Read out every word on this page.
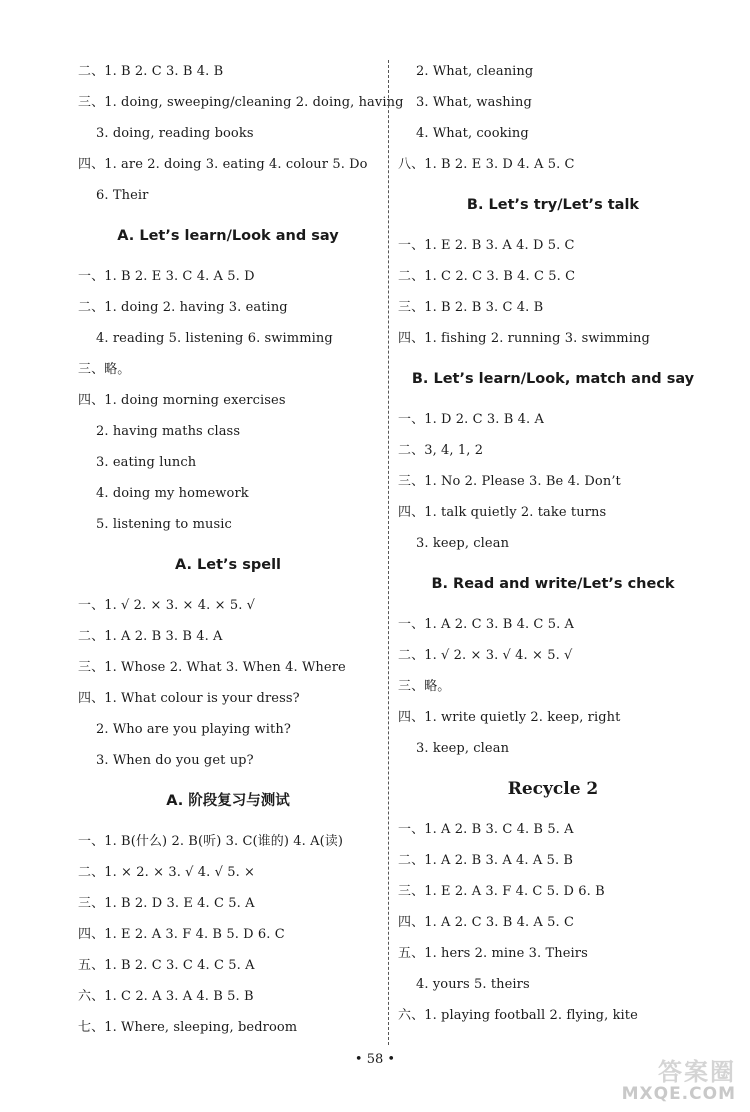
二、1. B 2. C 3. B 4. B
三、1. doing, sweeping/cleaning 2. doing, having
3. doing, reading books
四、1. are 2. doing 3. eating 4. colour 5. Do
6. Their
A. Let’s learn/Look and say
一、1. B 2. E 3. C 4. A 5. D
二、1. doing 2. having 3. eating
4. reading 5. listening 6. swimming
三、略。
四、1. doing morning exercises
2. having maths class
3. eating lunch
4. doing my homework
5. listening to music
A. Let’s spell
一、1. √ 2. × 3. × 4. × 5. √
二、1. A 2. B 3. B 4. A
三、1. Whose 2. What 3. When 4. Where
四、1. What colour is your dress?
2. Who are you playing with?
3. When do you get up?
A. 阶段复习与测试
一、1. B(什么) 2. B(听) 3. C(谁的) 4. A(读)
二、1. × 2. × 3. √ 4. √ 5. ×
三、1. B 2. D 3. E 4. C 5. A
四、1. E 2. A 3. F 4. B 5. D 6. C
五、1. B 2. C 3. C 4. C 5. A
六、1. C 2. A 3. A 4. B 5. B
七、1. Where, sleeping, bedroom
2. What, cleaning
3. What, washing
4. What, cooking
八、1. B 2. E 3. D 4. A 5. C
B. Let’s try/Let’s talk
一、1. E 2. B 3. A 4. D 5. C
二、1. C 2. C 3. B 4. C 5. C
三、1. B 2. B 3. C 4. B
四、1. fishing 2. running 3. swimming
B. Let’s learn/Look, match and say
一、1. D 2. C 3. B 4. A
二、3, 4, 1, 2
三、1. No 2. Please 3. Be 4. Don’t
四、1. talk quietly 2. take turns
3. keep, clean
B. Read and write/Let’s check
一、1. A 2. C 3. B 4. C 5. A
二、1. √ 2. × 3. √ 4. × 5. √
三、略。
四、1. write quietly 2. keep, right
3. keep, clean
Recycle 2
一、1. A 2. B 3. C 4. B 5. A
二、1. A 2. B 3. A 4. A 5. B
三、1. E 2. A 3. F 4. C 5. D 6. B
四、1. A 2. C 3. B 4. A 5. C
五、1. hers 2. mine 3. Theirs
4. yours 5. theirs
六、1. playing football 2. flying, kite
• 58 •	答案圈
MXQE.COM
